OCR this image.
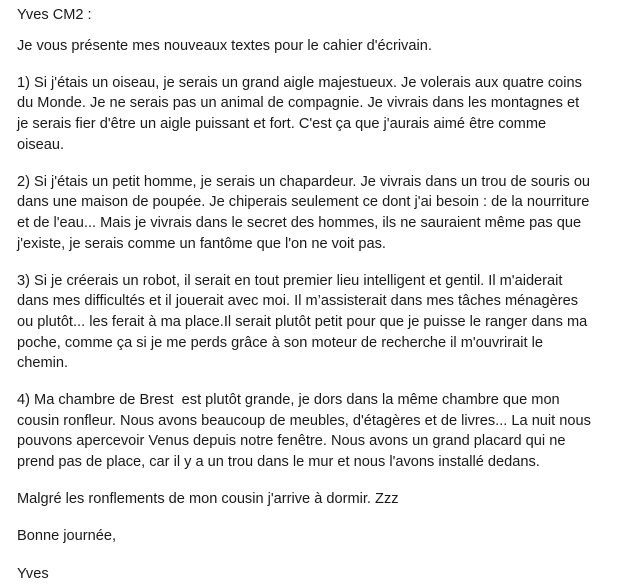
Yves CM2 :
Je vous présente mes nouveaux textes pour le cahier d'écrivain.
1) Si j'étais un oiseau, je serais un grand aigle majestueux. Je volerais aux quatre coins
du Monde. Je ne serais pas un animal de compagnie. Je vivrais dans les montagnes et
je serais fier d'être un aigle puissant et fort. C'est ça que j'aurais aimé être comme
oiseau.
2) Si j'étais un petit homme, je serais un chapardeur. Je vivrais dans un trou de souris ou
dans une maison de poupée. Je chiperais seulement ce dont j'ai besoin : de la nourriture
et de l'eau... Mais je vivrais dans le secret des hommes, ils ne sauraient même pas que
j'existe, je serais comme un fantôme que l'on ne voit pas.
3) Si je créerais un robot, il serait en tout premier lieu intelligent et gentil. Il m'aiderait
dans mes difficultés et il jouerait avec moi. Il m’assisterait dans mes tâches ménagères
ou plutôt... les ferait à ma place.Il serait plutôt petit pour que je puisse le ranger dans ma
poche, comme ça si je me perds grâce à son moteur de recherche il m'ouvrirait le
chemin.
4) Ma chambre de Brest  est plutôt grande, je dors dans la même chambre que mon
cousin ronfleur. Nous avons beaucoup de meubles, d'étagères et de livres... La nuit nous
pouvons apercevoir Venus depuis notre fenêtre. Nous avons un grand placard qui ne
prend pas de place, car il y a un trou dans le mur et nous l'avons installé dedans.
Malgré les ronflements de mon cousin j'arrive à dormir. Zzz
Bonne journée,
Yves
